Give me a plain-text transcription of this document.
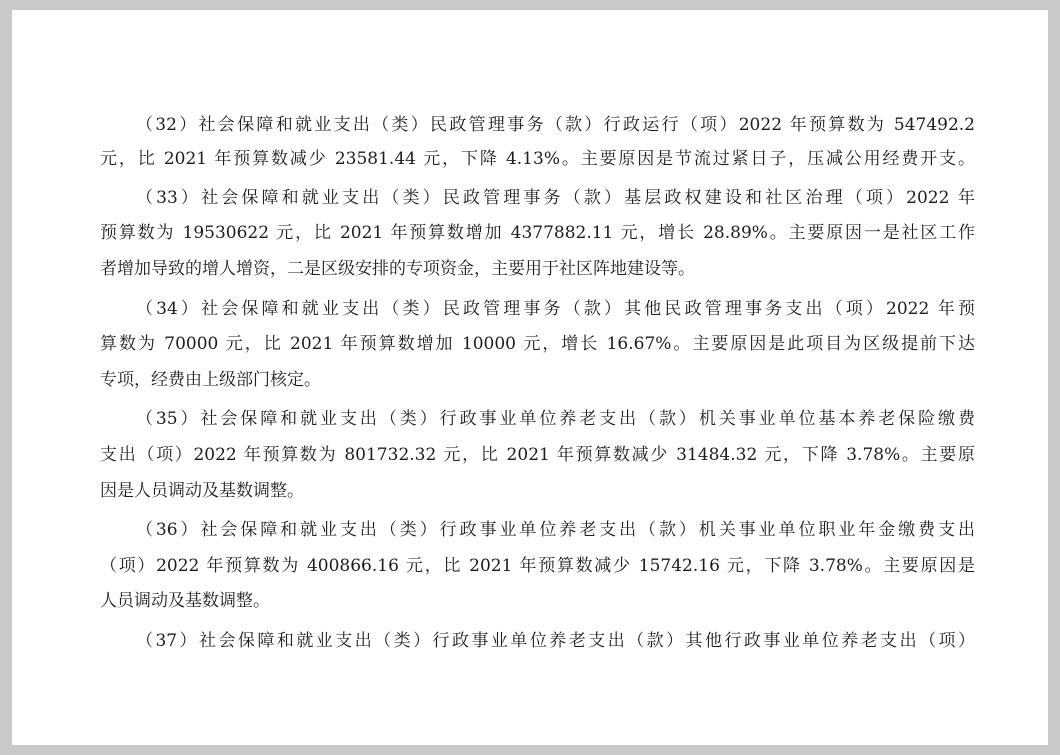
（32）社会保障和就业支出（类）民政管理事务（款）行政运行（项）2022 年预算数为 547492.2
元，比 2021 年预算数减少 23581.44 元，下降 4.13%。主要原因是节流过紧日子，压减公用经费开支。
（33）社会保障和就业支出（类）民政管理事务（款）基层政权建设和社区治理（项）2022 年
预算数为 19530622 元，比 2021 年预算数增加 4377882.11 元，增长 28.89%。主要原因一是社区工作
者增加导致的增人增资，二是区级安排的专项资金，主要用于社区阵地建设等。
（34）社会保障和就业支出（类）民政管理事务（款）其他民政管理事务支出（项）2022 年预
算数为 70000 元，比 2021 年预算数增加 10000 元，增长 16.67%。主要原因是此项目为区级提前下达
专项，经费由上级部门核定。
（35）社会保障和就业支出（类）行政事业单位养老支出（款）机关事业单位基本养老保险缴费
支出（项）2022 年预算数为 801732.32 元，比 2021 年预算数减少 31484.32 元，下降 3.78%。主要原
因是人员调动及基数调整。
（36）社会保障和就业支出（类）行政事业单位养老支出（款）机关事业单位职业年金缴费支出
（项）2022 年预算数为 400866.16 元，比 2021 年预算数减少 15742.16 元，下降 3.78%。主要原因是
人员调动及基数调整。
（37）社会保障和就业支出（类）行政事业单位养老支出（款）其他行政事业单位养老支出（项）
